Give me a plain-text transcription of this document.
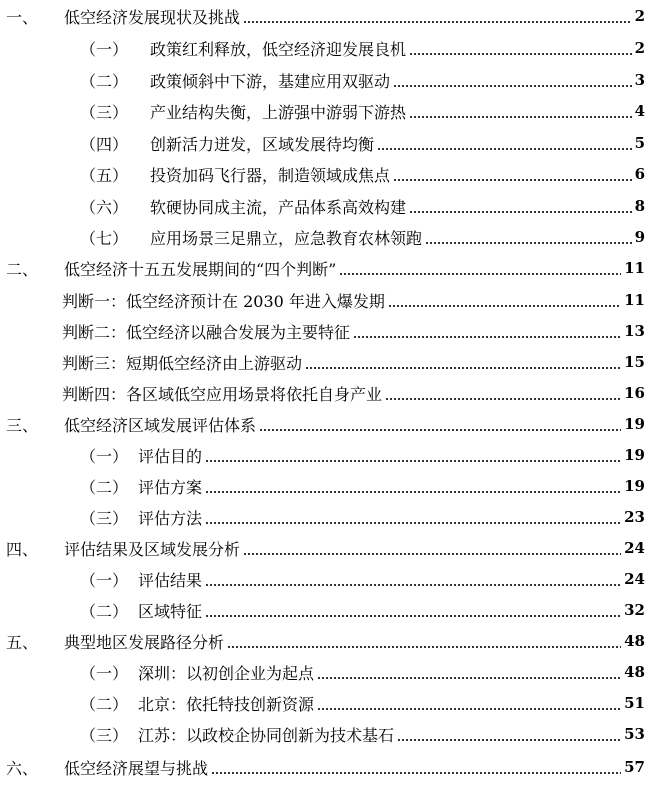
一、	低空经济发展现状及挑战	2
（一）	政策红利释放，低空经济迎发展良机	2
（二）	政策倾斜中下游，基建应用双驱动	3
（三）	产业结构失衡，上游强中游弱下游热	4
（四）	创新活力迸发，区域发展待均衡	5
（五）	投资加码飞行器，制造领域成焦点	6
（六）	软硬协同成主流，产品体系高效构建	8
（七）	应用场景三足鼎立，应急教育农林领跑	9
二、	低空经济十五五发展期间的“四个判断”	11
判断一： 低空经济预计在 2030 年进入爆发期	11
判断二： 低空经济以融合发展为主要特征	13
判断三： 短期低空经济由上游驱动	15
判断四： 各区域低空应用场景将依托自身产业	16
三、	低空经济区域发展评估体系	19
（一） 评估目的	19
（二） 评估方案	19
（三） 评估方法	23
四、	评估结果及区域发展分析	24
（一） 评估结果	24
（二） 区域特征	32
五、	典型地区发展路径分析	48
（一） 深圳：以初创企业为起点	48
（二） 北京：依托特技创新资源	51
（三） 江苏：以政校企协同创新为技术基石	53
六、	低空经济展望与挑战	57
